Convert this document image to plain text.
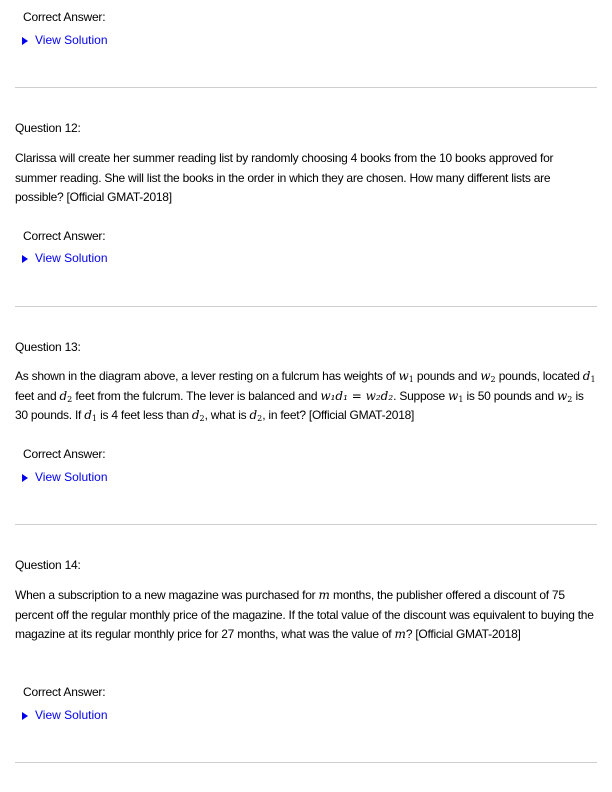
Correct Answer:
View Solution
Question 12:

Clarissa will create her summer reading list by randomly choosing 4 books from the 10 books approved for summer reading. She will list the books in the order in which they are chosen. How many different lists are possible? [Official GMAT-2018]

Correct Answer:
View Solution
Question 13:

As shown in the diagram above, a lever resting on a fulcrum has weights of $w_1$ pounds and $w_2$ pounds, located $d_1$ feet and $d_2$ feet from the fulcrum. The lever is balanced and w₁d₁ = w₂d₂. Suppose $w_1$ is 50 pounds and $w_2$ is 30 pounds. If $d_1$ is 4 feet less than $d_2$, what is $d_2$, in feet? [Official GMAT-2018]

Correct Answer:
View Solution
Question 14:

When a subscription to a new magazine was purchased for m months, the publisher offered a discount of 75 percent off the regular monthly price of the magazine. If the total value of the discount was equivalent to buying the magazine at its regular monthly price for 27 months, what was the value of m? [Official GMAT-2018]

Correct Answer:
View Solution
